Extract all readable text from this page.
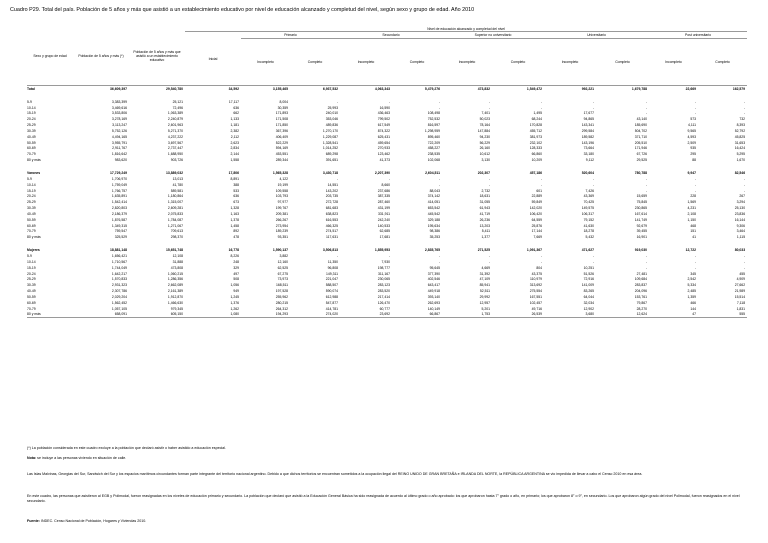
Cuadro P29. Total del país. Población de 5 años y más que asistió a un establecimiento educativo por nivel de educación alcanzado y completud del nivel, según sexo y grupo de edad. Año 2010
Sexo y grupo de edad	Población de 5 años y más (*)	Población de 5 años y más que asistió a un establecimiento educativo	Nivel de educación alcanzado y completud del nivel										
			Inicial	Primario		Secundario		Superior no universitario		Universitario		Post universitario	
				Incompleto	Completo	Incompleto	Completo	Incompleto	Completo	Incompleto	Completo	Incompleto	Completo
Total	36,609,397	29,540,780	34,592	3,155,465	6,937,532	4,063,343	5,479,276	473,832	1,549,472	992,221	1,679,788	22,669	162,579

5-9	3,383,399	25,121	17,117	8,004	-	-	-	-	-	-	-	-	-
10-14	3,469,616	72,496	636	30,359	25,993	16,590	-	-	-	-	-	-	-
15-19	3,533,806	1,063,389	662	171,893	240,010	436,463	108,498	7,401	1,495	17,677	-	-	-
20-24	3,278,169	2,240,879	1,133	171,508	353,046	799,502	752,532	50,023	68,244	94,865	43,140	573	732
25-29	3,113,247	2,601,963	1,181	171,850	489,836	617,549	816,597	78,164	170,828	143,341	185,690	4,111	8,393
30-39	5,752,126	5,271,370	2,382	367,396	1,270,170	874,322	1,298,959	147,884	455,712	299,584	504,702	9,565	52,792
40-49	4,494,165	4,237,222	2,112	406,409	1,229,087	625,431	895,460	94,230	381,973	189,582	371,710	4,593	45,825
50-59	3,955,791	3,697,567	2,623	522,229	1,328,541	459,654	722,209	56,229	232,102	143,196	205,510	2,509	31,653
60-69	2,911,767	2,737,447	2,834	594,169	1,014,252	270,933	458,227	26,160	128,333	73,664	171,946	935	16,424
70-79	1,816,642	1,688,950	2,144	453,551	689,298	123,462	238,535	10,612	66,860	33,180	67,726	295	5,295
80 y más	983,620	903,726	1,558	289,344	391,651	41,373	102,068	3,130	10,209	9,112	29,525	88	1,670

Varones	17,729,249	13,889,032	17,806	1,565,328	3,430,718	2,207,390	2,604,511	202,307	457,186	520,604	780,788	9,947	82,546
5-9	1,706,970	13,013	8,891	4,122	-	-	-	-	-	-	-	-	-
10-14	1,759,049	41,780	388	19,199	14,551	8,660	-	-	-	-	-	-	-
15-19	1,766,757	589,581	533	109,558	143,202	237,686	88,043	2,732	601	7,426	-	-	-
20-24	1,635,891	1,180,864	636	103,793	203,735	387,335	374,142	18,631	22,889	43,369	15,659	228	267
25-29	1,542,414	1,315,007	673	97,977	272,728	287,460	414,051	31,055	59,849	70,425	75,845	1,569	3,294
30-39	2,820,803	2,609,281	1,328	199,767	681,683	431,199	653,542	61,943	142,020	149,575	230,865	4,231	25,130
40-49	2,186,379	2,075,833	1,163	209,381	638,823	331,911	445,542	41,719	106,420	106,317	167,614	2,108	23,836
50-59	1,876,587	1,784,087	1,378	266,267	616,553	242,240	329,188	26,236	64,559	79,152	141,749	1,150	16,144
60-69	1,349,315	1,271,067	1,458	273,954	466,325	140,533	195,634	13,203	25,876	41,630	92,679	468	9,306
70-79	759,547	709,613	892	189,239	274,517	62,685	98,386	5,411	17,144	18,278	39,455	151	3,464
80 y más	325,529	298,370	478	93,351	117,631	17,681	35,253	1,377	7,669	5,432	16,901	41	1,115

Mujeres	18,881,148	15,651,748	16,778	1,590,137	3,506,813	1,855,953	2,835,765	271,525	1,091,367	471,627	919,030	12,722	80,033
5-9	1,656,421	12,108	8,226	3,882	-	-	-	-	-	-	-	-	-
10-14	1,710,567	31,888	248	12,160	11,350	7,930	-	-	-	-	-	-	-
15-19	1,744,049	473,808	329	62,525	96,808	198,777	95,645	4,669	804	10,251	-	-	-
20-24	1,642,217	1,060,215	497	67,275	149,311	311,167	377,390	31,392	43,375	51,526	27,481	345	455
25-29	1,570,833	1,286,356	508	73,973	221,047	230,065	402,546	47,109	110,979	72,916	109,684	2,542	4,909
30-39	2,931,323	2,662,089	1,056	168,511	588,507	283,123	643,417	85,941	313,692	141,009	283,837	5,334	27,662
40-49	2,307,786	2,161,389	949	197,528	590,074	283,520	449,918	52,511	275,554	83,265	204,096	2,485	21,989
50-59	2,029,204	1,912,870	1,245	255,962	612,988	217,414	393,140	29,992	167,551	64,044	153,761	1,359	15,514
60-69	1,562,452	1,466,630	1,376	280,215	547,877	126,470	262,693	12,957	102,457	32,034	79,867	466	7,118
70-79	1,057,105	979,345	1,262	264,312	414,781	60,777	140,149	5,201	49,716	12,902	28,270	144	1,831
80 y más	658,091	605,150	1,080	194,293	274,020	23,692	66,867	1,753	26,539	3,680	12,624	47	555

(*) La población considerada en este cuadro excluye a la población que declaró asistir o haber asistido a educación especial.

Nota: se incluye a las personas viviendo en situación de calle.

Las Islas Malvinas, Georgias del Sur, Sandwich del Sur y los espacios marítimos circundantes forman parte integrante del territorio nacional argentino. Debido a que dichos territorios se encuentran sometidos a la ocupación ilegal del REINO UNIDO DE GRAN BRETAÑA e IRLANDA DEL NORTE, la REPÚBLICA ARGENTINA se vio impedida de llevar a cabo el Censo 2010 en esa área.

En este cuadro, las personas que asistieron al EGB y Polimodal, fueron reasignadas en los niveles de educación primario y secundario. La población que declaró que asistió a la Educación General Básica ha sido reasignada de acuerdo al último grado o año aprobado: los que aprobaron hasta 7° grado o año, en primario; los que aprobaron 8° o 9°, en secundario. Los que aprobaron algún grado del nivel Polimodal, fueron reasignados en el nivel secundario.

Fuente: INDEC. Censo Nacional de Población, Hogares y Viviendas 2010.
